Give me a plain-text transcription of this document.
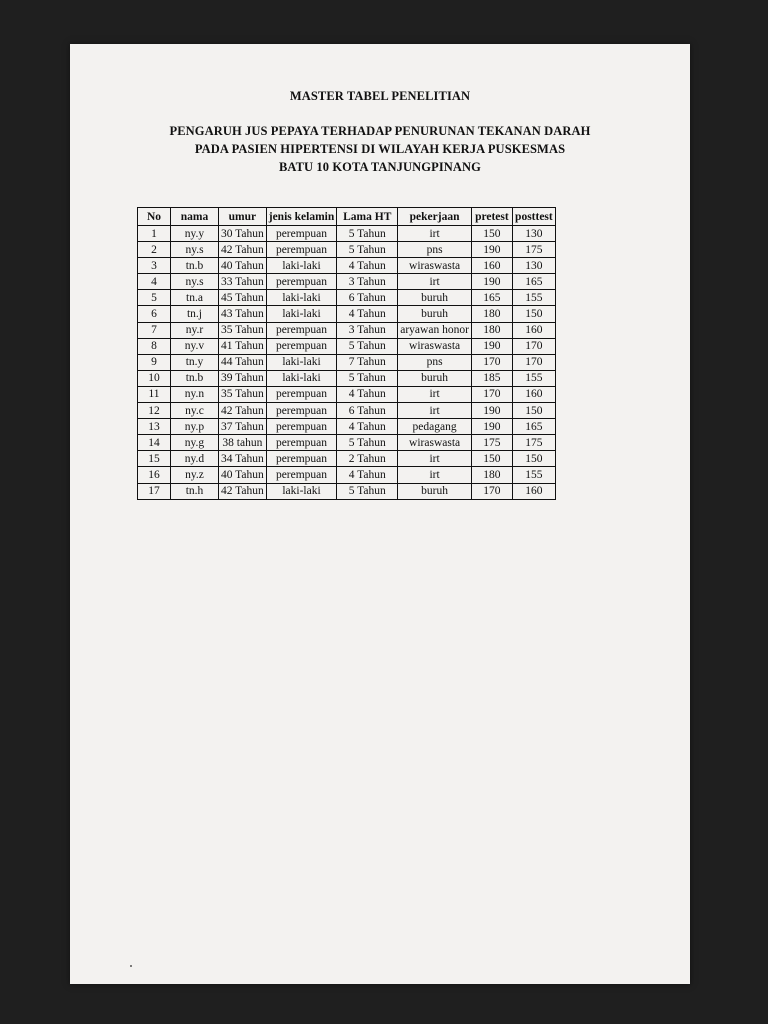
MASTER TABEL PENELITIAN
PENGARUH JUS PEPAYA TERHADAP PENURUNAN TEKANAN DARAH
PADA PASIEN HIPERTENSI DI WILAYAH KERJA PUSKESMAS
BATU 10 KOTA TANJUNGPINANG
No	nama	umur	jenis kelamin	Lama HT	pekerjaan	pretest	posttest
1	ny.y	30 Tahun	perempuan	5 Tahun	irt	150	130
2	ny.s	42 Tahun	perempuan	5 Tahun	pns	190	175
3	tn.b	40 Tahun	laki-laki	4 Tahun	wiraswasta	160	130
4	ny.s	33 Tahun	perempuan	3 Tahun	irt	190	165
5	tn.a	45 Tahun	laki-laki	6 Tahun	buruh	165	155
6	tn.j	43 Tahun	laki-laki	4 Tahun	buruh	180	150
7	ny.r	35 Tahun	perempuan	3 Tahun	aryawan honor	180	160
8	ny.v	41 Tahun	perempuan	5 Tahun	wiraswasta	190	170
9	tn.y	44 Tahun	laki-laki	7 Tahun	pns	170	170
10	tn.b	39 Tahun	laki-laki	5 Tahun	buruh	185	155
11	ny.n	35 Tahun	perempuan	4 Tahun	irt	170	160
12	ny.c	42 Tahun	perempuan	6 Tahun	irt	190	150
13	ny.p	37 Tahun	perempuan	4 Tahun	pedagang	190	165
14	ny.g	38 tahun	perempuan	5 Tahun	wiraswasta	175	175
15	ny.d	34 Tahun	perempuan	2 Tahun	irt	150	150
16	ny.z	40 Tahun	perempuan	4 Tahun	irt	180	155
17	tn.h	42 Tahun	laki-laki	5 Tahun	buruh	170	160
